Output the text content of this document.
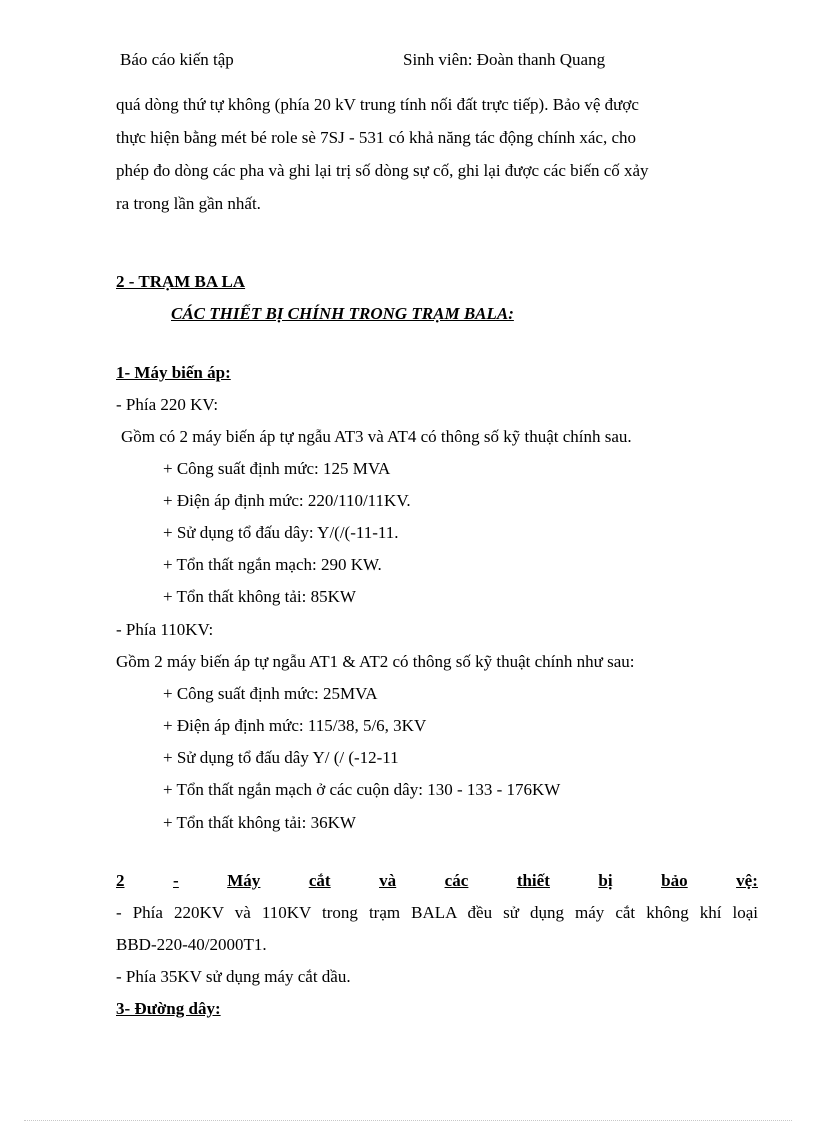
Báo cáo kiến tập	Sinh viên: Đoàn thanh Quang
quá dòng thứ tự không (phía 20 kV trung tính nối đất trực tiếp). Bảo vệ được
thực hiện bằng mét bé role sè 7SJ - 531 có khả năng tác động chính xác, cho
phép đo dòng các pha và ghi lại trị số dòng sự cố, ghi lại được các biến cố xảy
ra trong lần gần nhất.
2 - TRẠM BA LA
CÁC THIẾT BỊ CHÍNH TRONG TRẠM BALA:
1- Máy biến áp:
- Phía 220 KV:
Gồm có 2 máy biến áp tự ngẫu AT3 và AT4 có thông số kỹ thuật chính sau.
+ Công suất định mức: 125 MVA
+ Điện áp định mức: 220/110/11KV.
+ Sử dụng tổ đấu dây: Y/(/(-11-11.
+ Tổn thất ngắn mạch: 290 KW.
+ Tổn thất không tải: 85KW
- Phía 110KV:
Gồm 2 máy biến áp tự ngẫu AT1 & AT2 có thông số kỹ thuật chính như sau:
+ Công suất định mức: 25MVA
+ Điện áp định mức: 115/38, 5/6, 3KV
+ Sử dụng tổ đấu dây Y/ (/ (-12-11
+ Tổn thất ngắn mạch ở các cuộn dây: 130 - 133 - 176KW
+ Tổn thất không tải: 36KW
2	-	Máy	cắt	và	các	thiết	bị	bảo	vệ:
- Phía 220KV và 110KV trong trạm BALA đều sử dụng máy cắt không khí loại
BBD-220-40/2000T1.
- Phía 35KV sử dụng máy cắt dầu.
3- Đường dây:
